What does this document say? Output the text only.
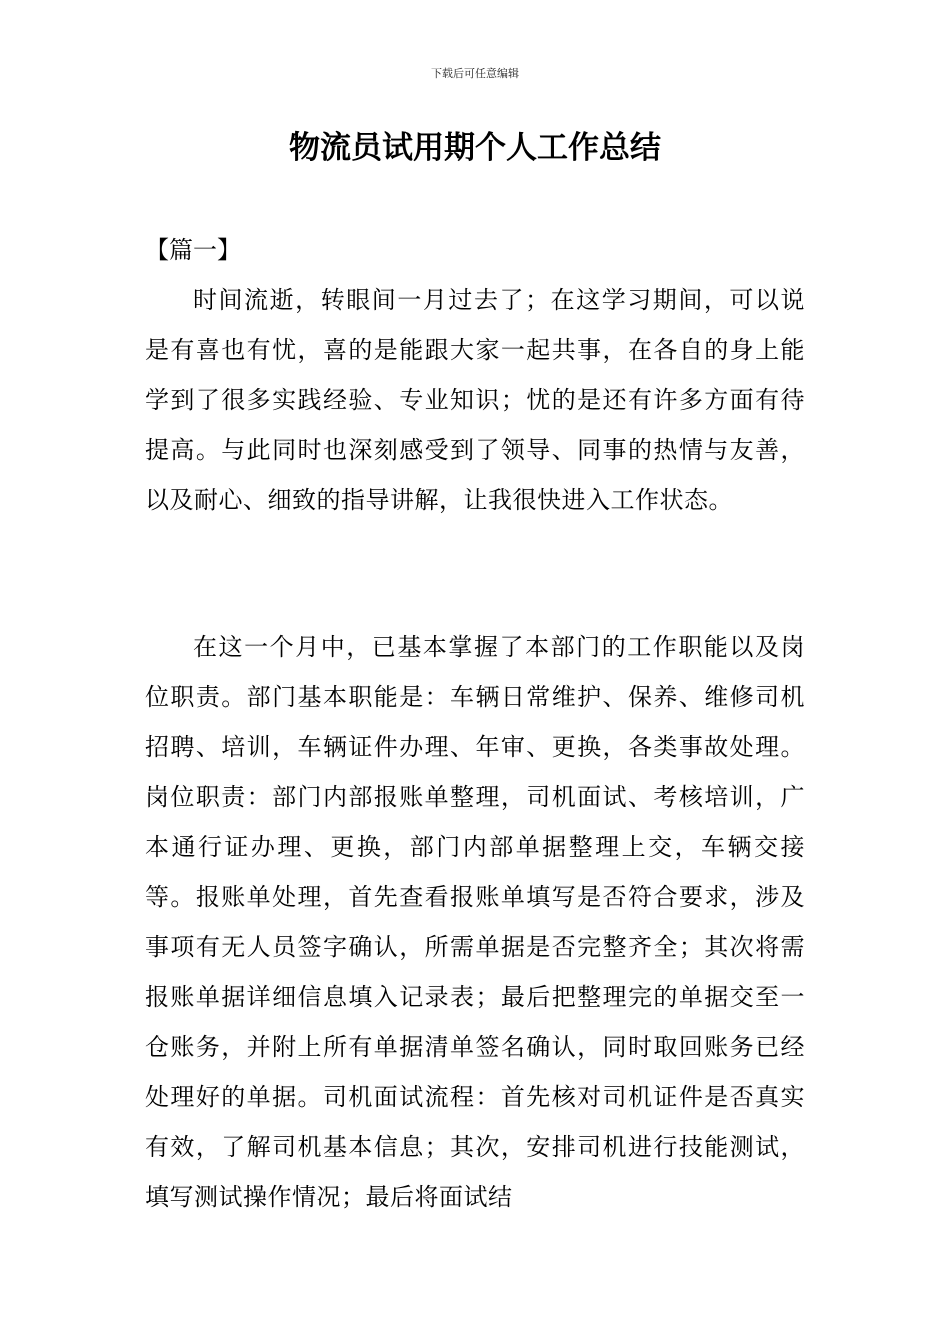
下载后可任意编辑
物流员试用期个人工作总结
【篇一】

时间流逝，转眼间一月过去了；在这学习期间，可以说是有喜也有忧，喜的是能跟大家一起共事，在各自的身上能学到了很多实践经验、专业知识；忧的是还有许多方面有待提高。与此同时也深刻感受到了领导、同事的热情与友善，以及耐心、细致的指导讲解，让我很快进入工作状态。

在这一个月中，已基本掌握了本部门的工作职能以及岗位职责。部门基本职能是：车辆日常维护、保养、维修司机招聘、培训，车辆证件办理、年审、更换，各类事故处理。岗位职责：部门内部报账单整理，司机面试、考核培训，广本通行证办理、更换，部门内部单据整理上交，车辆交接等。报账单处理，首先查看报账单填写是否符合要求，涉及事项有无人员签字确认，所需单据是否完整齐全；其次将需报账单据详细信息填入记录表；最后把整理完的单据交至一仓账务，并附上所有单据清单签名确认，同时取回账务已经处理好的单据。司机面试流程：首先核对司机证件是否真实有效，了解司机基本信息；其次，安排司机进行技能测试，填写测试操作情况；最后将面试结
